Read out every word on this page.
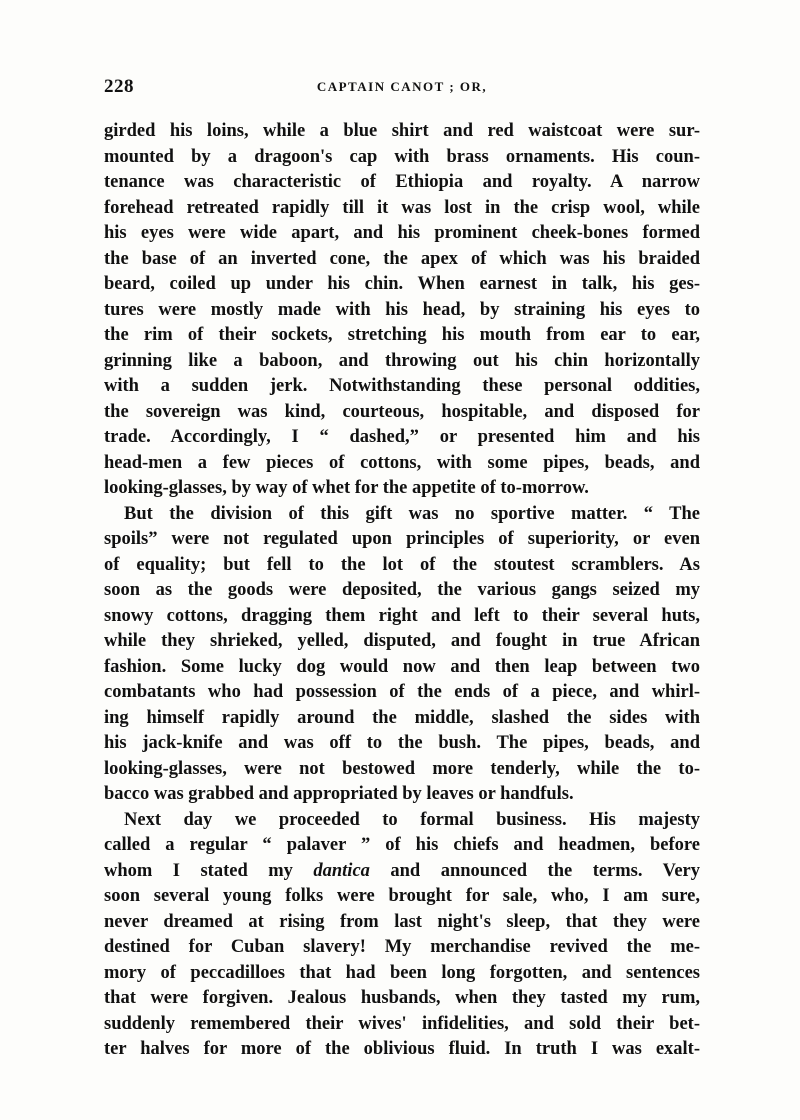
228	CAPTAIN CANOT ; OR,
girded his loins, while a blue shirt and red waistcoat were sur-
mounted by a dragoon's cap with brass ornaments. His coun-
tenance was characteristic of Ethiopia and royalty. A narrow
forehead retreated rapidly till it was lost in the crisp wool, while
his eyes were wide apart, and his prominent cheek-bones formed
the base of an inverted cone, the apex of which was his braided
beard, coiled up under his chin. When earnest in talk, his ges-
tures were mostly made with his head, by straining his eyes to
the rim of their sockets, stretching his mouth from ear to ear,
grinning like a baboon, and throwing out his chin horizontally
with a sudden jerk. Notwithstanding these personal oddities,
the sovereign was kind, courteous, hospitable, and disposed for
trade. Accordingly, I “ dashed,” or presented him and his
head-men a few pieces of cottons, with some pipes, beads, and
looking-glasses, by way of whet for the appetite of to-morrow.
But the division of this gift was no sportive matter. “ The
spoils” were not regulated upon principles of superiority, or even
of equality; but fell to the lot of the stoutest scramblers. As
soon as the goods were deposited, the various gangs seized my
snowy cottons, dragging them right and left to their several huts,
while they shrieked, yelled, disputed, and fought in true African
fashion. Some lucky dog would now and then leap between two
combatants who had possession of the ends of a piece, and whirl-
ing himself rapidly around the middle, slashed the sides with
his jack-knife and was off to the bush. The pipes, beads, and
looking-glasses, were not bestowed more tenderly, while the to-
bacco was grabbed and appropriated by leaves or handfuls.
Next day we proceeded to formal business. His majesty
called a regular “ palaver ” of his chiefs and headmen, before
whom I stated my dantica and announced the terms. Very
soon several young folks were brought for sale, who, I am sure,
never dreamed at rising from last night's sleep, that they were
destined for Cuban slavery! My merchandise revived the me-
mory of peccadilloes that had been long forgotten, and sentences
that were forgiven. Jealous husbands, when they tasted my rum,
suddenly remembered their wives' infidelities, and sold their bet-
ter halves for more of the oblivious fluid. In truth I was exalt-
